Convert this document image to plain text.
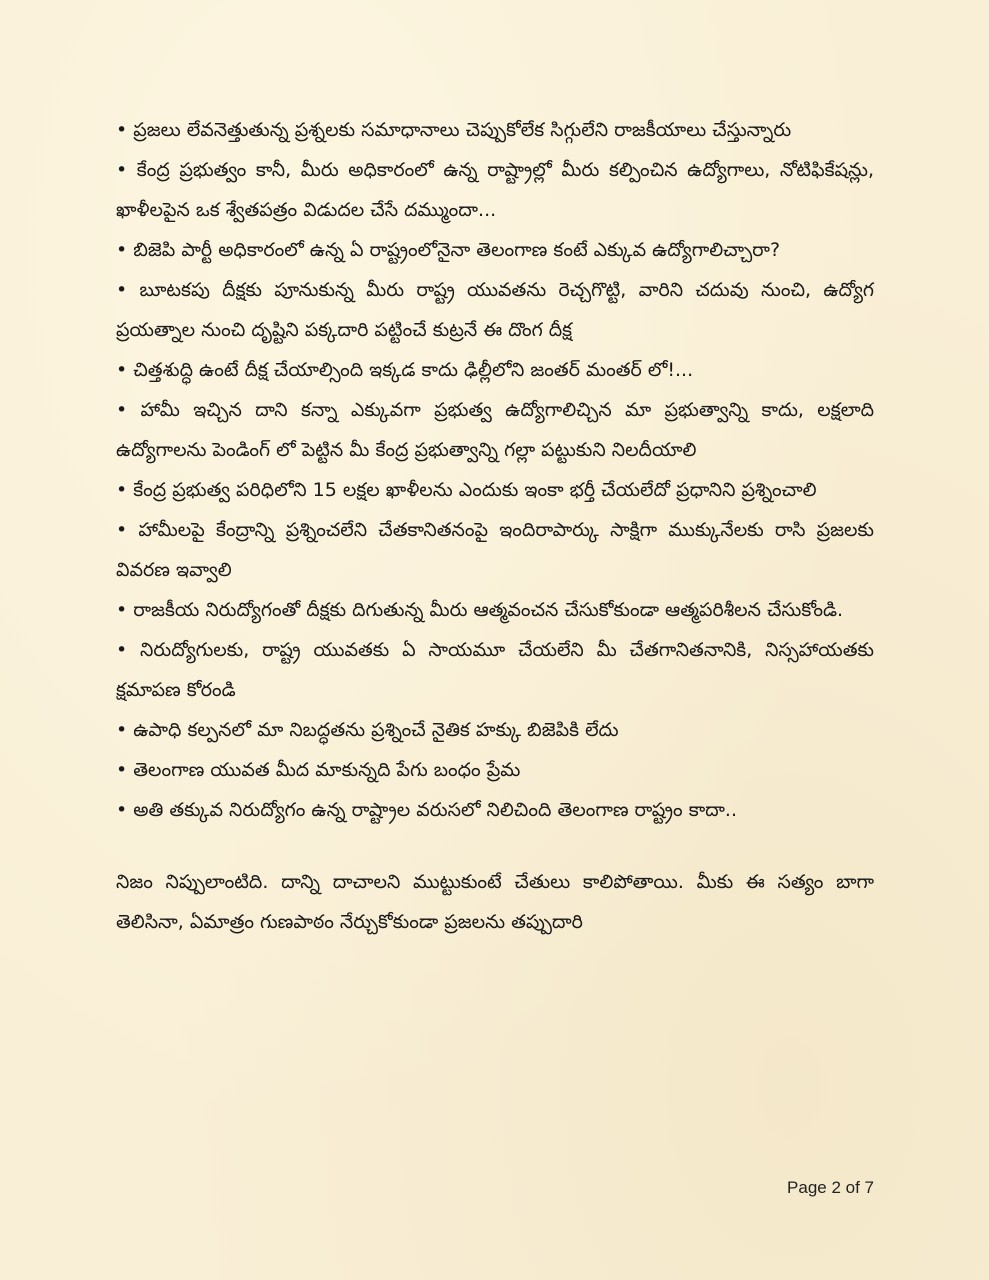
• ప్రజలు లేవనెత్తుతున్న ప్రశ్నలకు సమాధానాలు చెప్పుకోలేక సిగ్గులేని రాజకీయాలు చేస్తున్నారు
• కేంద్ర ప్రభుత్వం కానీ, మీరు అధికారంలో ఉన్న రాష్ట్రాల్లో మీరు కల్పించిన ఉద్యోగాలు, నోటిఫికేషన్లు, ఖాళీలపైన ఒక శ్వేతపత్రం విడుదల చేసే దమ్ముందా...
• బిజెపి పార్టీ అధికారంలో ఉన్న ఏ రాష్ట్రంలోనైనా తెలంగాణ కంటే ఎక్కువ ఉద్యోగాలిచ్చారా?
• బూటకపు దీక్షకు పూనుకున్న మీరు రాష్ట్ర యువతను రెచ్చగొట్టి, వారిని చదువు నుంచి, ఉద్యోగ ప్రయత్నాల నుంచి దృష్టిని పక్కదారి పట్టించే కుట్రనే ఈ దొంగ దీక్ష
• చిత్తశుద్ధి ఉంటే దీక్ష చేయాల్సింది ఇక్కడ కాదు ఢిల్లీలోని జంతర్ మంతర్ లో!...
• హామీ ఇచ్చిన దాని కన్నా ఎక్కువగా ప్రభుత్వ ఉద్యోగాలిచ్చిన మా ప్రభుత్వాన్ని కాదు, లక్షలాది ఉద్యోగాలను పెండింగ్ లో పెట్టిన మీ కేంద్ర ప్రభుత్వాన్ని గల్లా పట్టుకుని నిలదీయాలి
• కేంద్ర ప్రభుత్వ పరిధిలోని 15 లక్షల ఖాళీలను ఎందుకు ఇంకా భర్తీ చేయలేదో ప్రధానిని ప్రశ్నించాలి
• హామీలపై కేంద్రాన్ని ప్రశ్నించలేని చేతకానితనంపై ఇందిరాపార్కు సాక్షిగా ముక్కునేలకు రాసి ప్రజలకు వివరణ ఇవ్వాలి
• రాజకీయ నిరుద్యోగంతో దీక్షకు దిగుతున్న మీరు ఆత్మవంచన చేసుకోకుండా ఆత్మపరిశీలన చేసుకోండి.
• నిరుద్యోగులకు, రాష్ట్ర యువతకు ఏ సాయమూ చేయలేని మీ చేతగానితనానికి, నిస్సహాయతకు క్షమాపణ కోరండి
• ఉపాధి కల్పనలో మా నిబద్ధతను ప్రశ్నించే నైతిక హక్కు బిజెపికి లేదు
• తెలంగాణ యువత మీద మాకున్నది పేగు బంధం ప్రేమ
• అతి తక్కువ నిరుద్యోగం ఉన్న రాష్ట్రాల వరుసలో నిలిచింది తెలంగాణ రాష్ట్రం కాదా..

నిజం నిప్పులాంటిది. దాన్ని దాచాలని ముట్టుకుంటే చేతులు కాలిపోతాయి. మీకు ఈ సత్యం బాగా తెలిసినా, ఏమాత్రం గుణపాఠం నేర్చుకోకుండా ప్రజలను తప్పుదారి

Page 2 of 7
